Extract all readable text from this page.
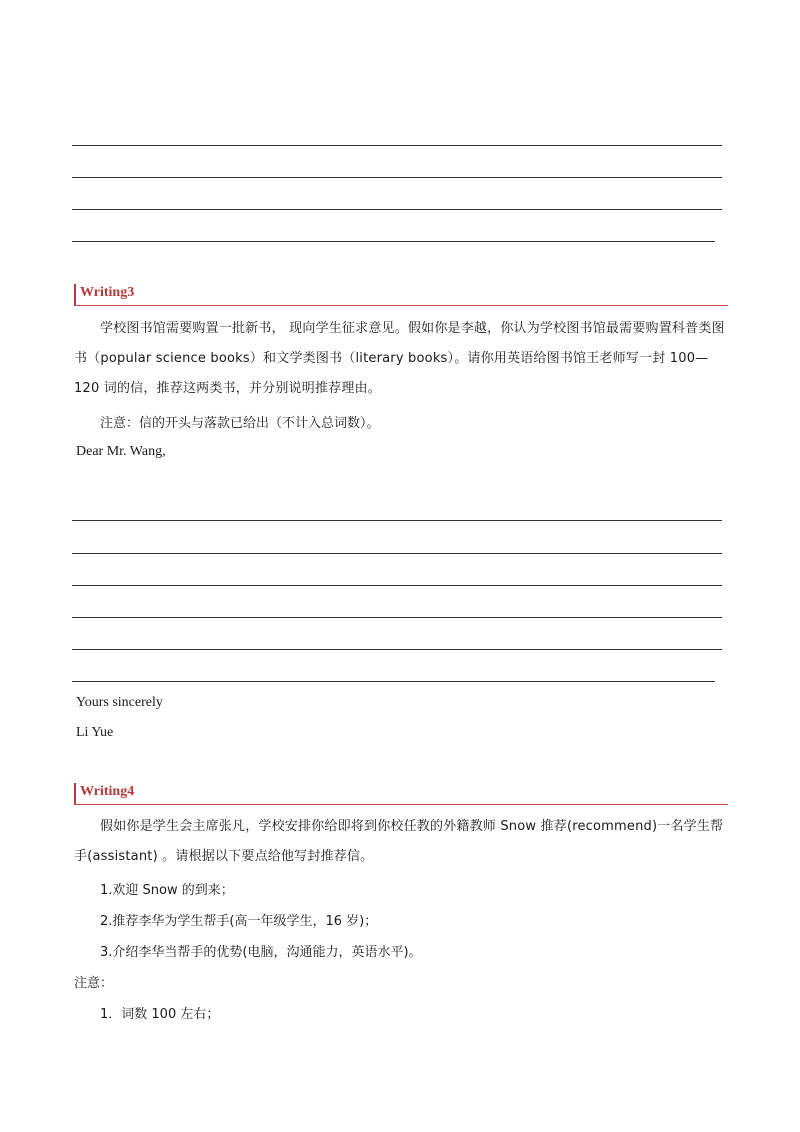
Writing3
学校图书馆需要购置一批新书， 现向学生征求意见。假如你是李越，你认为学校图书馆最需要购置科普类图书（popular science books）和文学类图书（literary books）。请你用英语给图书馆王老师写一封 100—120 词的信，推荐这两类书，并分别说明推荐理由。
注意：信的开头与落款已给出（不计入总词数）。
Dear Mr. Wang,
Yours sincerely
Li Yue
Writing4
假如你是学生会主席张凡，学校安排你给即将到你校任教的外籍教师 Snow 推荐(recommend)一名学生帮手(assistant) 。请根据以下要点给他写封推荐信。
1.欢迎 Snow 的到来；
2.推荐李华为学生帮手(高一年级学生，16 岁)；
3.介绍李华当帮手的优势(电脑，沟通能力，英语水平)。
注意：
1．词数 100 左右；
